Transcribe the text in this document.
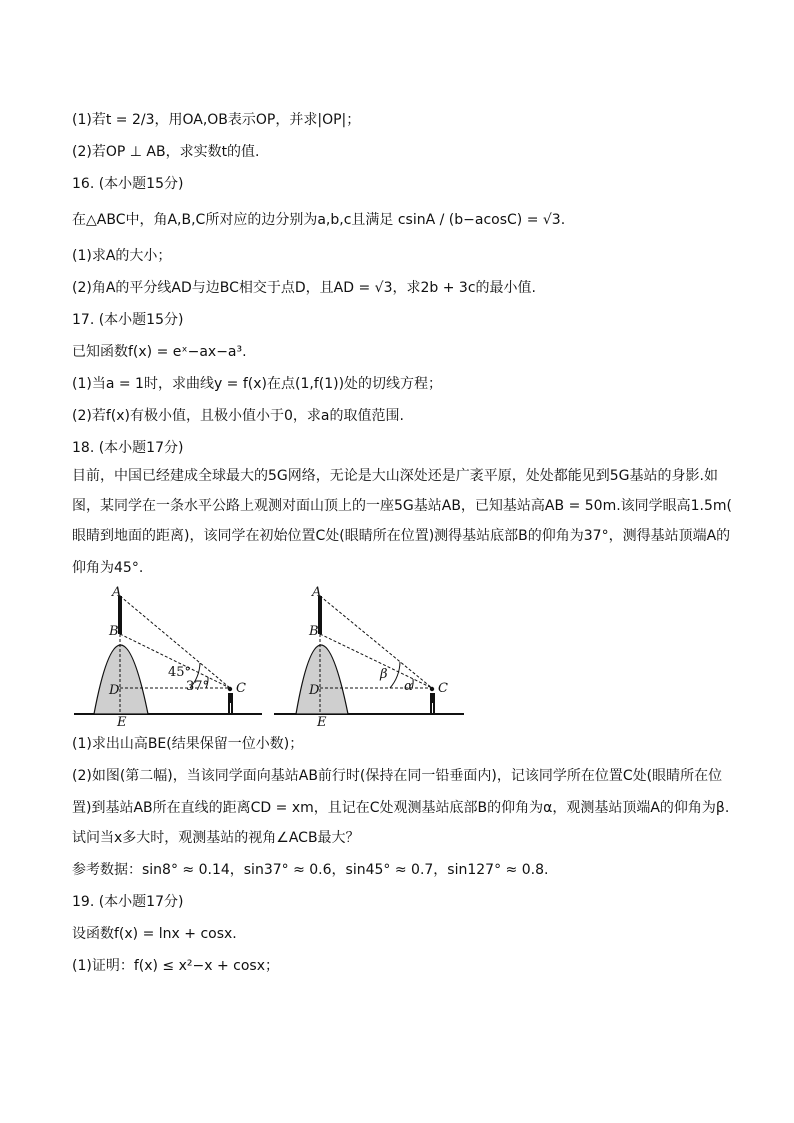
(1)若t = 2/3，用OA,OB表示OP，并求|OP|；
(2)若OP ⊥ AB，求实数t的值.
16. (本小题15分)
在△ABC中，角A,B,C所对应的边分别为a,b,c且满足 csinA / (b−acosC) = √3.
(1)求A的大小；
(2)角A的平分线AD与边BC相交于点D，且AD = √3，求2b + 3c的最小值.
17. (本小题15分)
已知函数f(x) = eˣ−ax−a³.
(1)当a = 1时，求曲线y = f(x)在点(1,f(1))处的切线方程；
(2)若f(x)有极小值，且极小值小于0，求a的取值范围.
18. (本小题17分)
目前，中国已经建成全球最大的5G网络，无论是大山深处还是广袤平原，处处都能见到5G基站的身影.如
图，某同学在一条水平公路上观测对面山顶上的一座5G基站AB，已知基站高AB = 50m.该同学眼高1.5m(
眼睛到地面的距离)，该同学在初始位置C处(眼睛所在位置)测得基站底部B的仰角为37°，测得基站顶端A的
仰角为45°.
A
B
D
E
C
45°
37°
A
B
D
E
C
β
α
(1)求出山高BE(结果保留一位小数)；
(2)如图(第二幅)，当该同学面向基站AB前行时(保持在同一铅垂面内)，记该同学所在位置C处(眼睛所在位
置)到基站AB所在直线的距离CD = xm，且记在C处观测基站底部B的仰角为α，观测基站顶端A的仰角为β.
试问当x多大时，观测基站的视角∠ACB最大？
参考数据：sin8° ≈ 0.14，sin37° ≈ 0.6，sin45° ≈ 0.7，sin127° ≈ 0.8.
19. (本小题17分)
设函数f(x) = lnx + cosx.
(1)证明：f(x) ≤ x²−x + cosx；
